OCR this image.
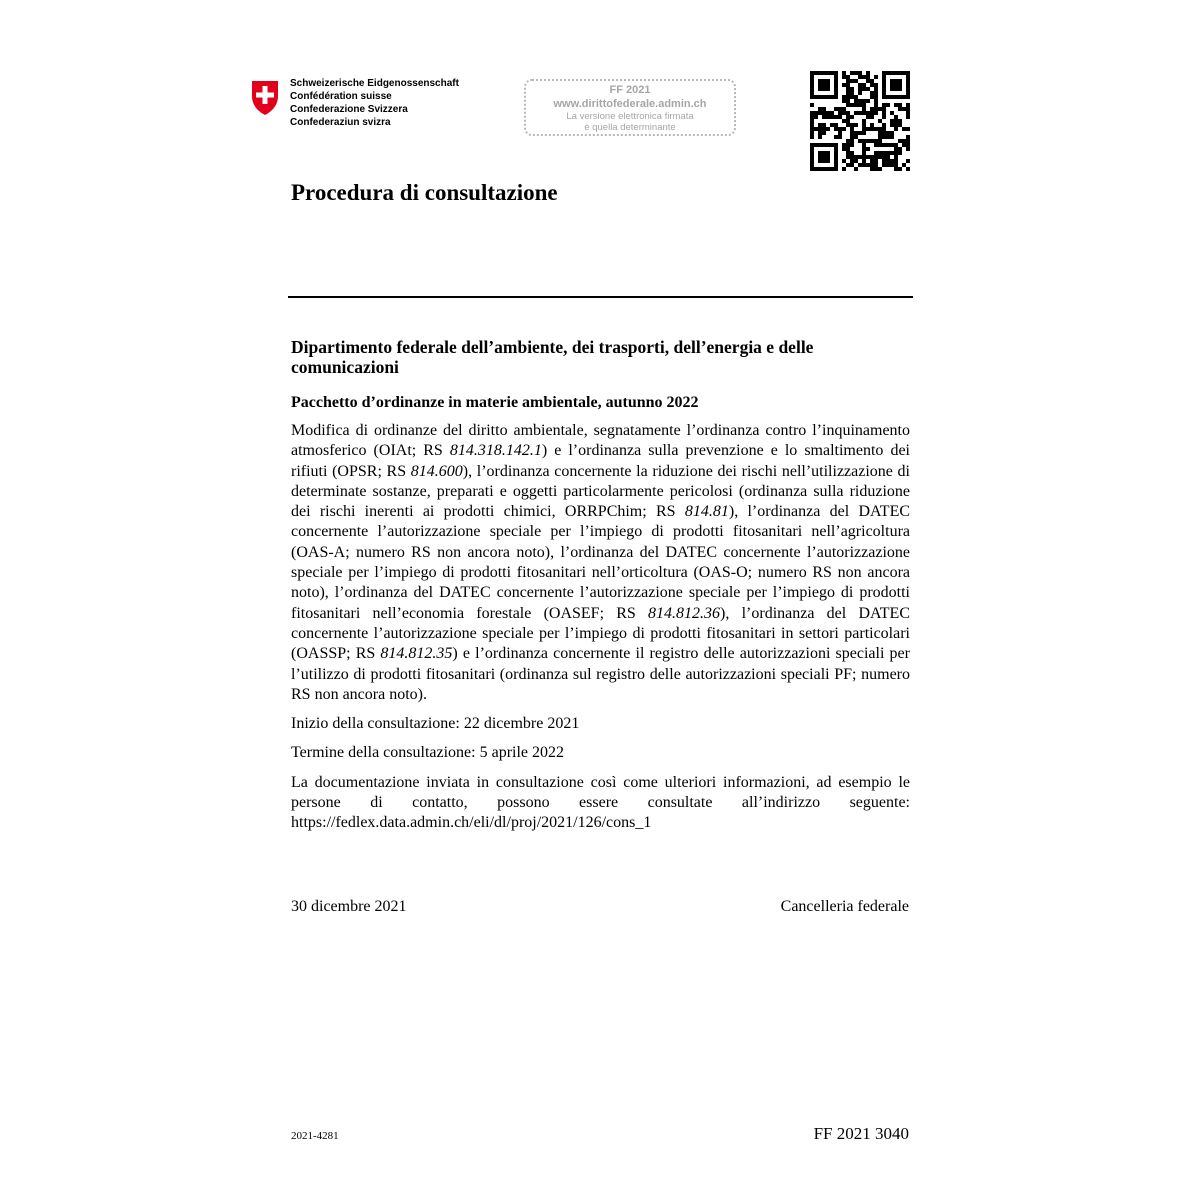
Schweizerische Eidgenossenschaft
Confédération suisse
Confederazione Svizzera
Confederaziun svizra
FF 2021
www.dirittofederale.admin.ch
La versione elettronica firmata
è quella determinante
Procedura di consultazione
Dipartimento federale dell’ambiente, dei trasporti, dell’energia e delle comunicazioni
Pacchetto d’ordinanze in materie ambientale, autunno 2022

Modifica di ordinanze del diritto ambientale, segnatamente l’ordinanza contro l’inquinamento atmosferico (OIAt; RS 814.318.142.1) e l’ordinanza sulla prevenzione e lo smaltimento dei rifiuti (OPSR; RS 814.600), l’ordinanza concernente la riduzione dei rischi nell’utilizzazione di determinate sostanze, preparati e oggetti particolarmente pericolosi (ordinanza sulla riduzione dei rischi inerenti ai prodotti chimici, ORRPChim; RS 814.81), l’ordinanza del DATEC concernente l’autorizzazione speciale per l’impiego di prodotti fitosanitari nell’agricoltura (OAS-A; numero RS non ancora noto), l’ordinanza del DATEC concernente l’autorizzazione speciale per l’impiego di prodotti fitosanitari nell’orticoltura (OAS-O; numero RS non ancora noto), l’ordinanza del DATEC concernente l’autorizzazione speciale per l’impiego di prodotti fitosanitari nell’economia forestale (OASEF; RS 814.812.36), l’ordinanza del DATEC concernente l’autorizzazione speciale per l’impiego di prodotti fitosanitari in settori particolari (OASSP; RS 814.812.35) e l’ordinanza concernente il registro delle autorizzazioni speciali per l’utilizzo di prodotti fitosanitari (ordinanza sul registro delle autorizzazioni speciali PF; numero RS non ancora noto).

Inizio della consultazione: 22 dicembre 2021

Termine della consultazione: 5 aprile 2022

La documentazione inviata in consultazione così come ulteriori informazioni, ad esempio le persone di contatto, possono essere consultate all’indirizzo seguente: https://fedlex.data.admin.ch/eli/dl/proj/2021/126/cons_1

30 dicembre 2021	Cancelleria federale
2021-4281	FF 2021 3040
